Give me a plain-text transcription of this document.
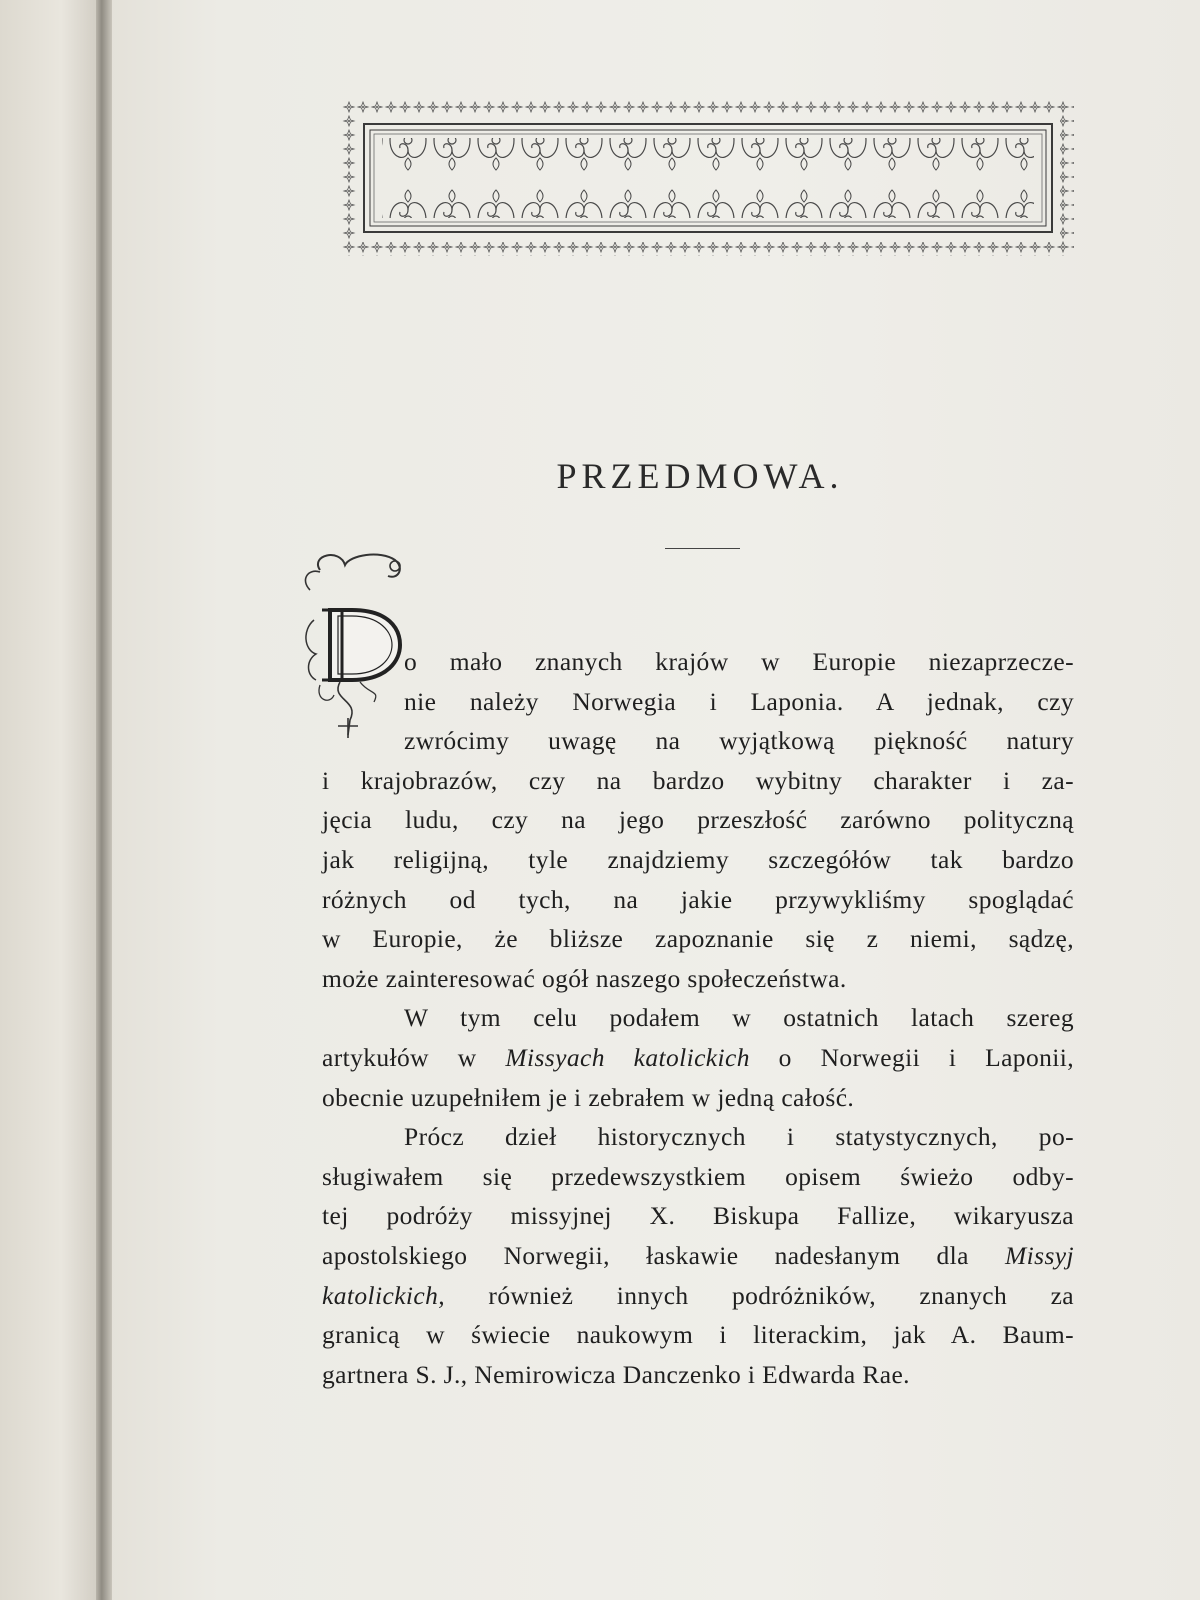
PRZEDMOWA.
o mało znanych krajów w Europie niezaprzecze-
nie należy Norwegia i Laponia. A jednak, czy
zwrócimy uwagę na wyjątkową piękność natury
i krajobrazów, czy na bardzo wybitny charakter i za-
jęcia ludu, czy na jego przeszłość zarówno polityczną
jak religijną, tyle znajdziemy szczegółów tak bardzo
różnych od tych, na jakie przywykliśmy spoglądać
w Europie, że bliższe zapoznanie się z niemi, sądzę,
może zainteresować ogół naszego społeczeństwa.
W tym celu podałem w ostatnich latach szereg
artykułów w Missyach katolickich o Norwegii i Laponii,
obecnie uzupełniłem je i zebrałem w jedną całość.
Prócz dzieł historycznych i statystycznych, po-
sługiwałem się przedewszystkiem opisem świeżo odby-
tej podróży missyjnej X. Biskupa Fallize, wikaryusza
apostolskiego Norwegii, łaskawie nadesłanym dla Missyj
katolickich, również innych podróżników, znanych za
granicą w świecie naukowym i literackim, jak A. Baum-
gartnera S. J., Nemirowicza Danczenko i Edwarda Rae.
